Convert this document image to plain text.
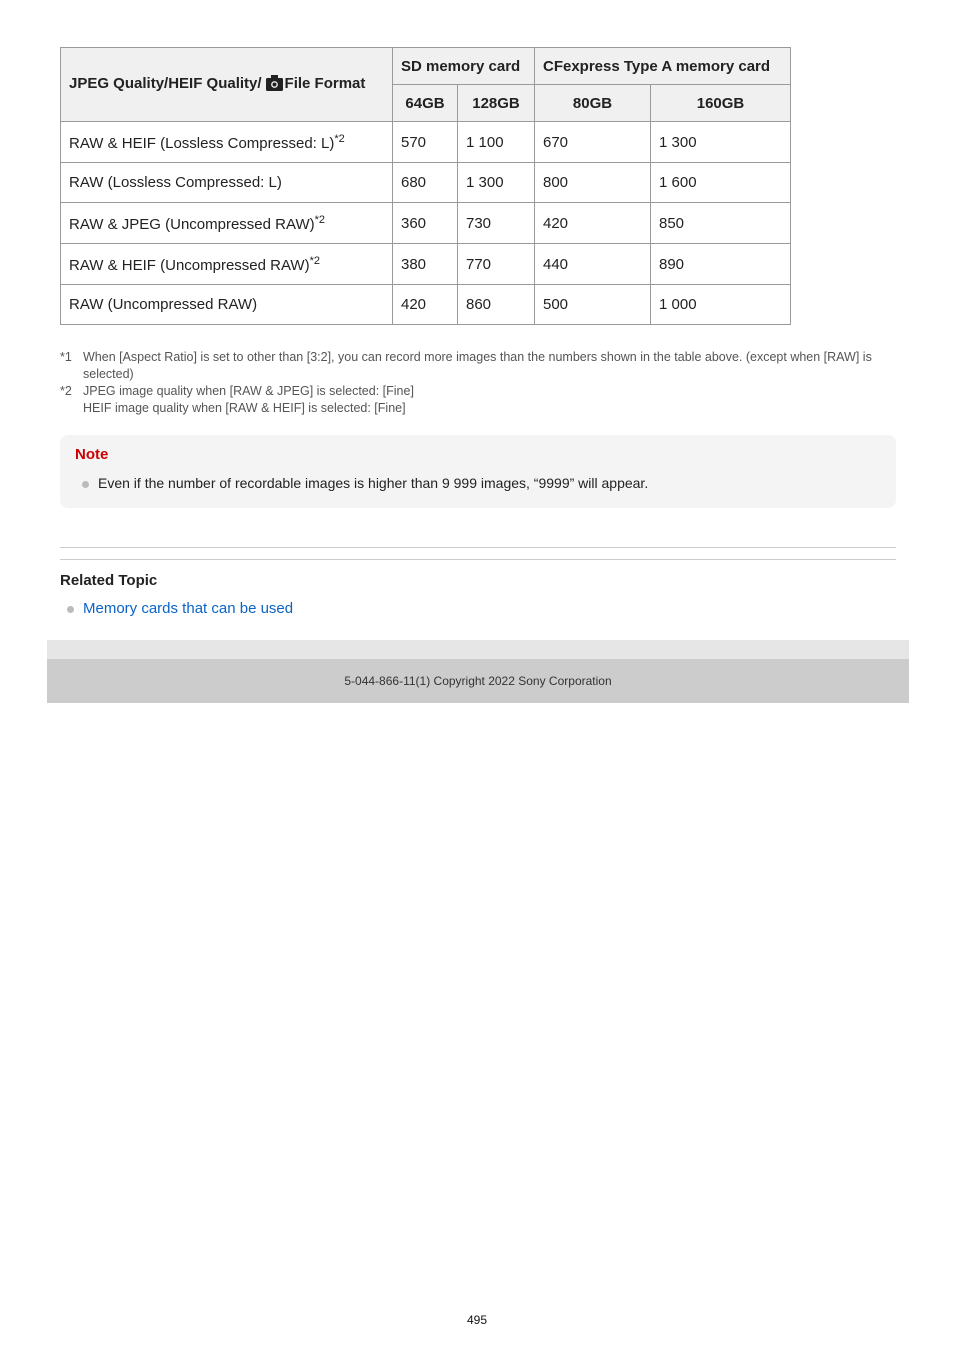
JPEG Quality/HEIF Quality/ File Format	SD memory card		CFexpress Type A memory card	
	64GB	128GB	80GB	160GB
RAW & HEIF (Lossless Compressed: L)$^{*2}$	570	1 100	670	1 300
RAW (Lossless Compressed: L)	680	1 300	800	1 600
RAW & JPEG (Uncompressed RAW)$^{*2}$	360	730	420	850
RAW & HEIF (Uncompressed RAW)$^{*2}$	380	770	440	890
RAW (Uncompressed RAW)	420	860	500	1 000
*1 When [Aspect Ratio] is set to other than [3:2], you can record more images than the numbers shown in the table above. (except when [RAW] is selected)
*2 JPEG image quality when [RAW & JPEG] is selected: [Fine]
HEIF image quality when [RAW & HEIF] is selected: [Fine]
Note
Even if the number of recordable images is higher than 9 999 images, “9999” will appear.
Related Topic
Memory cards that can be used
5-044-866-11(1) Copyright 2022 Sony Corporation
495
